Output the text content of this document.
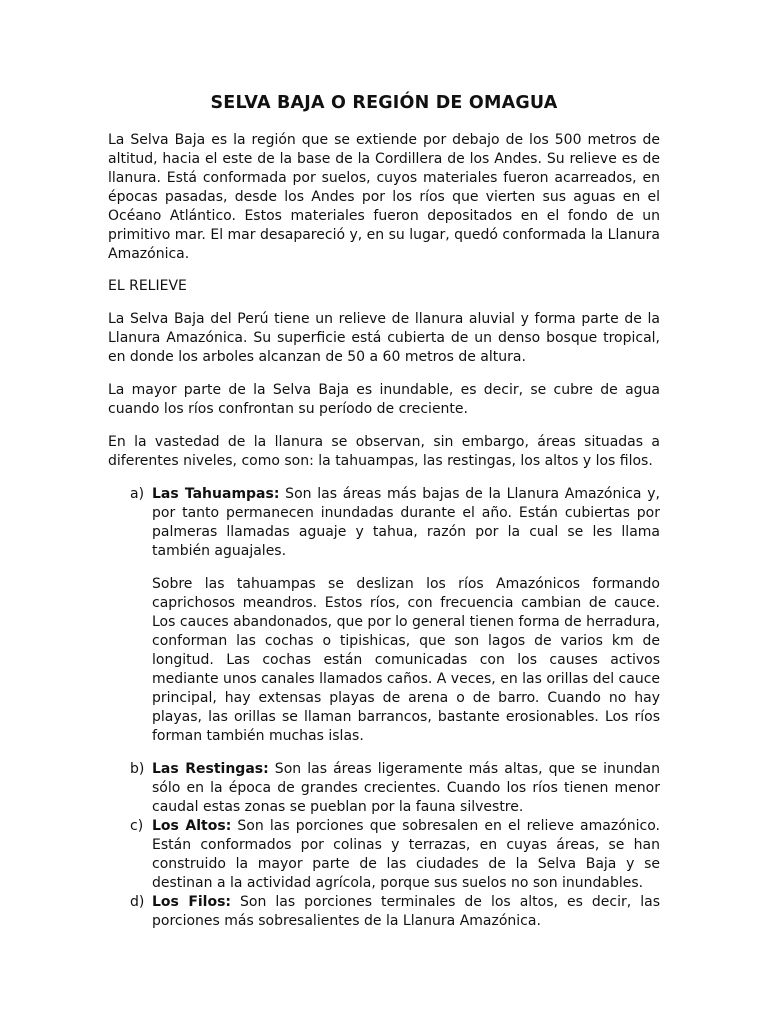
SELVA BAJA O REGIÓN DE OMAGUA

La Selva Baja es la región que se extiende por debajo de los 500 metros de altitud, hacia el este de la base de la Cordillera de los Andes. Su relieve es de llanura. Está conformada por suelos, cuyos materiales fueron acarreados, en épocas pasadas, desde los Andes por los ríos que vierten sus aguas en el Océano Atlántico. Estos materiales fueron depositados en el fondo de un primitivo mar. El mar desapareció y, en su lugar, quedó conformada la Llanura Amazónica.

EL RELIEVE

La Selva Baja del Perú tiene un relieve de llanura aluvial y forma parte de la Llanura Amazónica. Su superficie está cubierta de un denso bosque tropical, en donde los arboles alcanzan de 50 a 60 metros de altura.

La mayor parte de la Selva Baja es inundable, es decir, se cubre de agua cuando los ríos confrontan su período de creciente.

En la vastedad de la llanura se observan, sin embargo, áreas situadas a diferentes niveles, como son: la tahuampas, las restingas, los altos y los filos.

a) Las Tahuampas: Son las áreas más bajas de la Llanura Amazónica y, por tanto permanecen inundadas durante el año. Están cubiertas por palmeras llamadas aguaje y tahua, razón por la cual se les llama también aguajales.

Sobre las tahuampas se deslizan los ríos Amazónicos formando caprichosos meandros. Estos ríos, con frecuencia cambian de cauce. Los cauces abandonados, que por lo general tienen forma de herradura, conforman las cochas o tipishicas, que son lagos de varios km de longitud. Las cochas están comunicadas con los causes activos mediante unos canales llamados caños. A veces, en las orillas del cauce principal, hay extensas playas de arena o de barro. Cuando no hay playas, las orillas se llaman barrancos, bastante erosionables. Los ríos forman también muchas islas.

b) Las Restingas: Son las áreas ligeramente más altas, que se inundan sólo en la época de grandes crecientes. Cuando los ríos tienen menor caudal estas zonas se pueblan por la fauna silvestre.

c) Los Altos: Son las porciones que sobresalen en el relieve amazónico. Están conformados por colinas y terrazas, en cuyas áreas, se han construido la mayor parte de las ciudades de la Selva Baja y se destinan a la actividad agrícola, porque sus suelos no son inundables.

d) Los Filos: Son las porciones terminales de los altos, es decir, las porciones más sobresalientes de la Llanura Amazónica.
